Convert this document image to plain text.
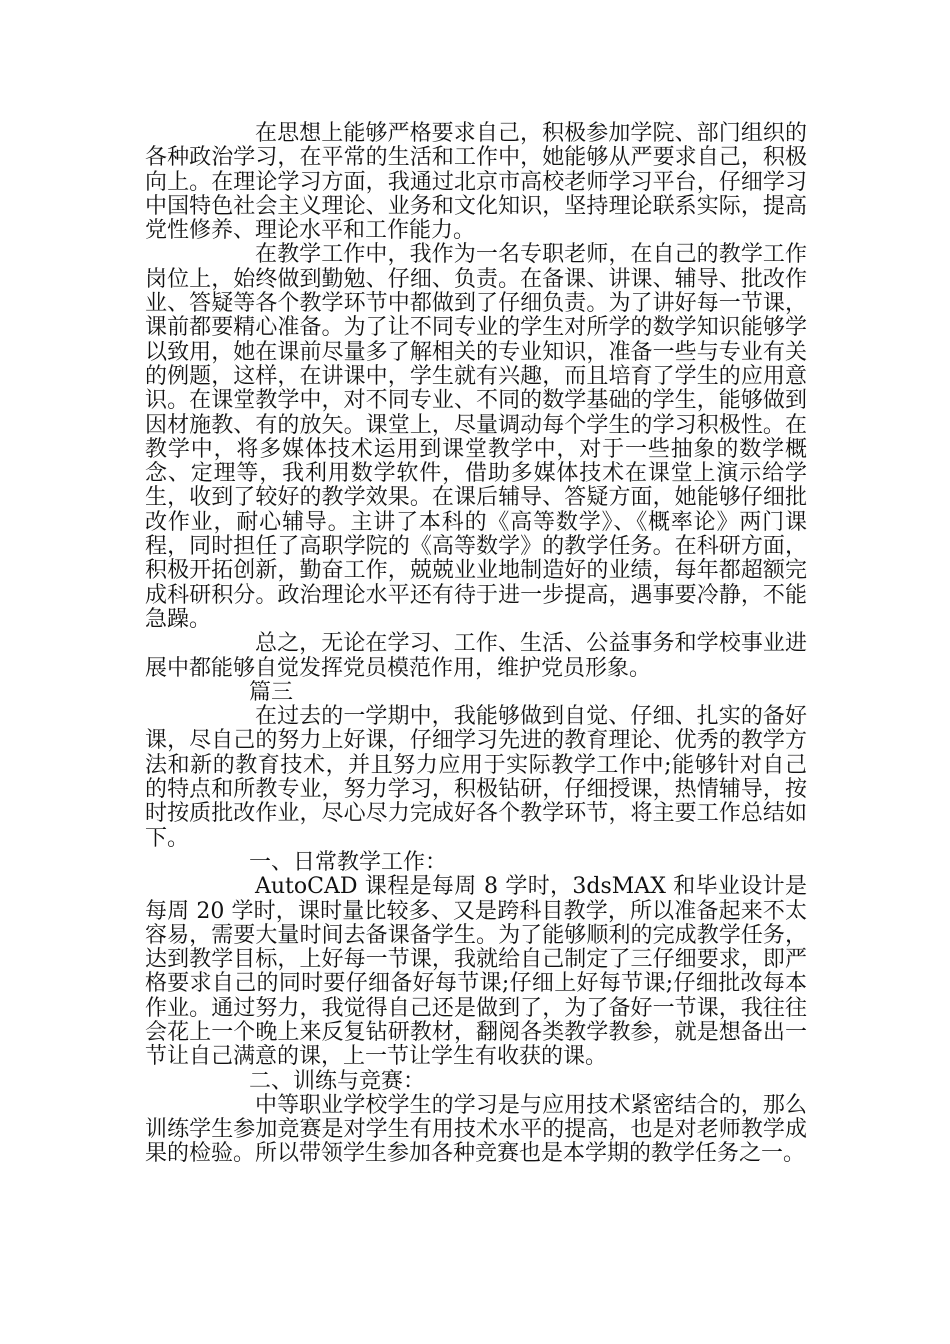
在思想上能够严格要求自己，积极参加学院、部门组织的各种政治学习，在平常的生活和工作中，她能够从严要求自己，积极向上。在理论学习方面，我通过北京市高校老师学习平台，仔细学习中国特色社会主义理论、业务和文化知识，坚持理论联系实际，提高党性修养、理论水平和工作能力。

在教学工作中，我作为一名专职老师，在自己的教学工作岗位上，始终做到勤勉、仔细、负责。在备课、讲课、辅导、批改作业、答疑等各个教学环节中都做到了仔细负责。为了讲好每一节课，课前都要精心准备。为了让不同专业的学生对所学的数学知识能够学以致用，她在课前尽量多了解相关的专业知识，准备一些与专业有关的例题，这样，在讲课中，学生就有兴趣，而且培育了学生的应用意识。在课堂教学中，对不同专业、不同的数学基础的学生，能够做到因材施教、有的放矢。课堂上，尽量调动每个学生的学习积极性。在教学中，将多媒体技术运用到课堂教学中，对于一些抽象的数学概念、定理等，我利用数学软件，借助多媒体技术在课堂上演示给学生，收到了较好的教学效果。在课后辅导、答疑方面，她能够仔细批改作业，耐心辅导。主讲了本科的《高等数学》、《概率论》两门课程，同时担任了高职学院的《高等数学》的教学任务。在科研方面，积极开拓创新，勤奋工作，兢兢业业地制造好的业绩，每年都超额完成科研积分。政治理论水平还有待于进一步提高，遇事要冷静，不能急躁。

总之，无论在学习、工作、生活、公益事务和学校事业进展中都能够自觉发挥党员模范作用，维护党员形象。

篇三

在过去的一学期中，我能够做到自觉、仔细、扎实的备好课，尽自己的努力上好课，仔细学习先进的教育理论、优秀的教学方法和新的教育技术，并且努力应用于实际教学工作中;能够针对自己的特点和所教专业，努力学习，积极钻研，仔细授课，热情辅导，按时按质批改作业，尽心尽力完成好各个教学环节，将主要工作总结如下。

一、日常教学工作：

AutoCAD 课程是每周 8 学时，3dsMAX 和毕业设计是每周 20 学时，课时量比较多、又是跨科目教学，所以准备起来不太容易，需要大量时间去备课备学生。为了能够顺利的完成教学任务，达到教学目标，上好每一节课，我就给自己制定了三仔细要求，即严格要求自己的同时要仔细备好每节课;仔细上好每节课;仔细批改每本作业。通过努力，我觉得自己还是做到了，为了备好一节课，我往往会花上一个晚上来反复钻研教材，翻阅各类教学教参，就是想备出一节让自己满意的课，上一节让学生有收获的课。

二、训练与竞赛：

中等职业学校学生的学习是与应用技术紧密结合的，那么训练学生参加竞赛是对学生有用技术水平的提高，也是对老师教学成果的检验。所以带领学生参加各种竞赛也是本学期的教学任务之一。
